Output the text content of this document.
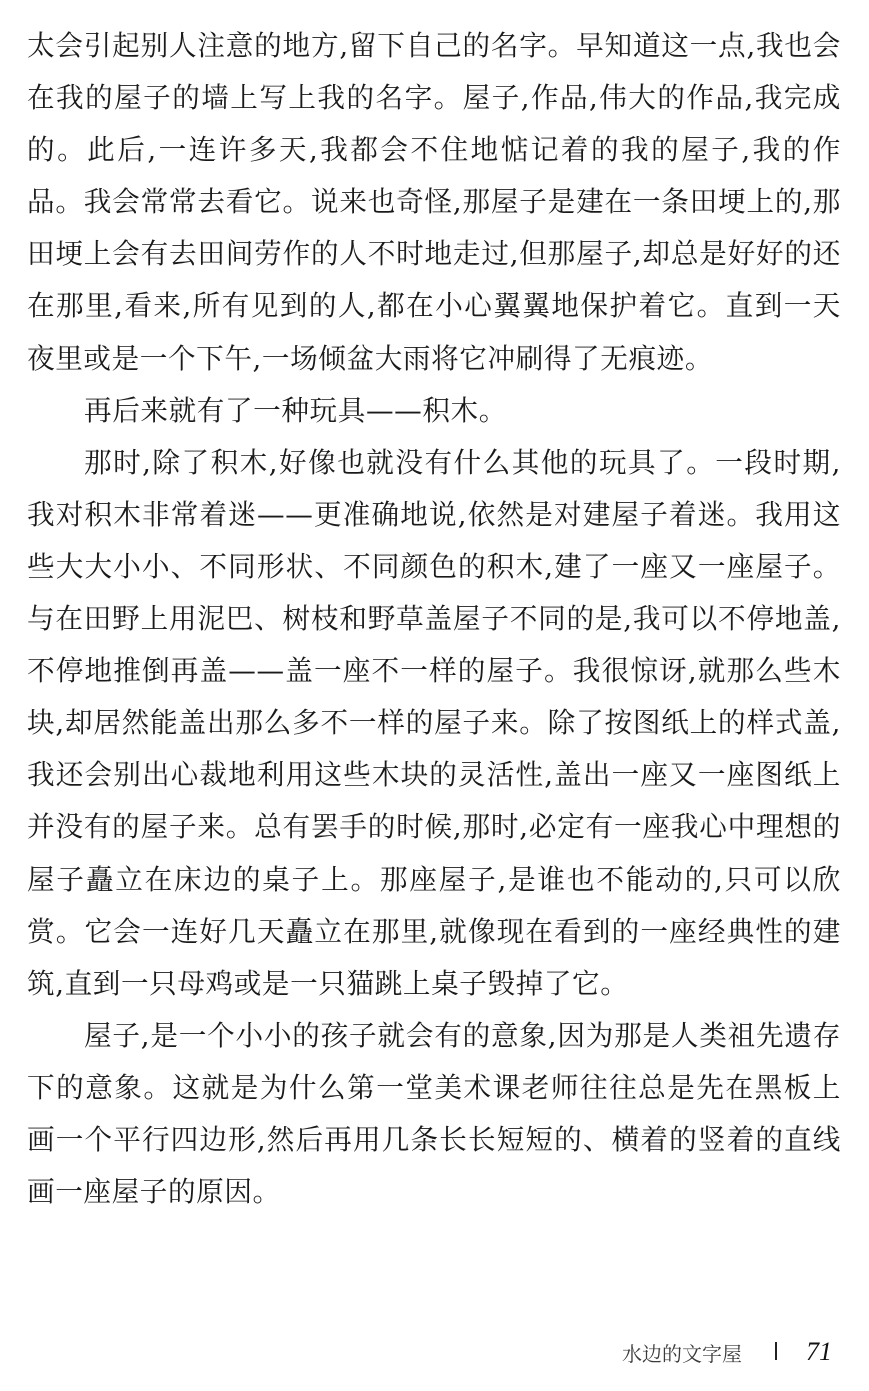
太会引起别人注意的地方,留下自己的名字。早知道这一点,我也会在我的屋子的墙上写上我的名字。屋子,作品,伟大的作品,我完成的。此后,一连许多天,我都会不住地惦记着的我的屋子,我的作品。我会常常去看它。说来也奇怪,那屋子是建在一条田埂上的,那田埂上会有去田间劳作的人不时地走过,但那屋子,却总是好好的还在那里,看来,所有见到的人,都在小心翼翼地保护着它。直到一天夜里或是一个下午,一场倾盆大雨将它冲刷得了无痕迹。

再后来就有了一种玩具——积木。

那时,除了积木,好像也就没有什么其他的玩具了。一段时期,我对积木非常着迷——更准确地说,依然是对建屋子着迷。我用这些大大小小、不同形状、不同颜色的积木,建了一座又一座屋子。与在田野上用泥巴、树枝和野草盖屋子不同的是,我可以不停地盖,不停地推倒再盖——盖一座不一样的屋子。我很惊讶,就那么些木块,却居然能盖出那么多不一样的屋子来。除了按图纸上的样式盖,我还会别出心裁地利用这些木块的灵活性,盖出一座又一座图纸上并没有的屋子来。总有罢手的时候,那时,必定有一座我心中理想的屋子矗立在床边的桌子上。那座屋子,是谁也不能动的,只可以欣赏。它会一连好几天矗立在那里,就像现在看到的一座经典性的建筑,直到一只母鸡或是一只猫跳上桌子毁掉了它。

屋子,是一个小小的孩子就会有的意象,因为那是人类祖先遗存下的意象。这就是为什么第一堂美术课老师往往总是先在黑板上画一个平行四边形,然后再用几条长长短短的、横着的竖着的直线画一座屋子的原因。

水边的文字屋 71
